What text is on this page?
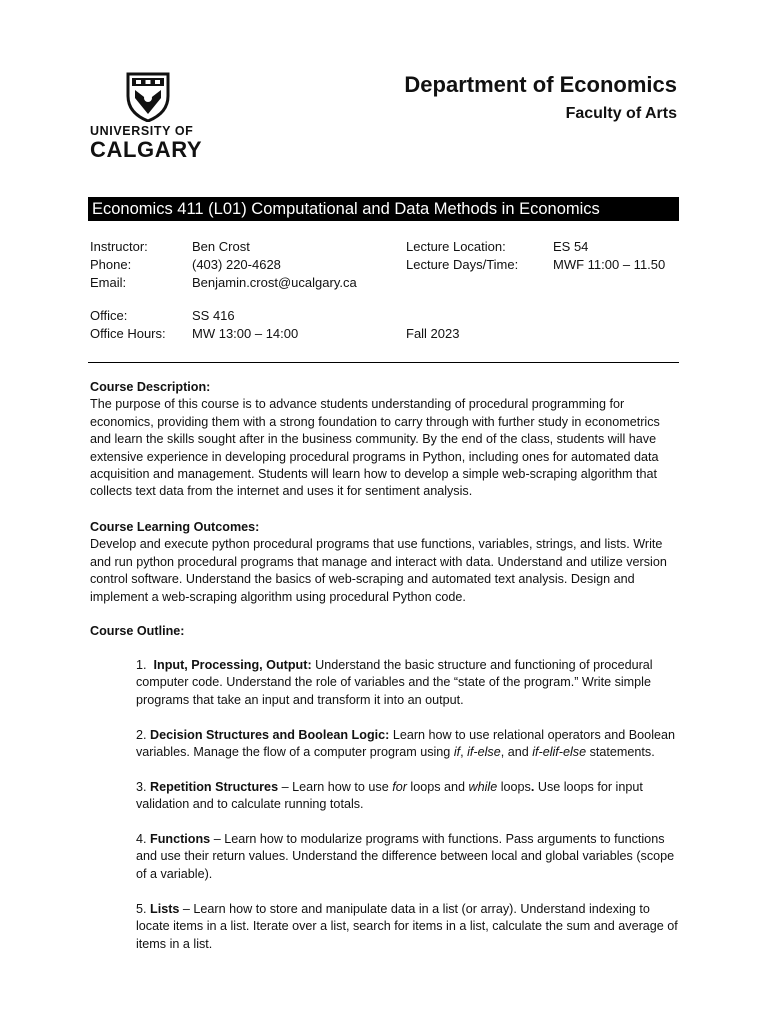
UNIVERSITY OF
CALGARY
Department of Economics
Faculty of Arts
Economics 411 (L01) Computational and Data Methods in Economics
Instructor:	Ben Crost	Lecture Location:	ES 54
Phone:	(403) 220-4628	Lecture Days/Time:	MWF 11:00 – 11.50
Email:	Benjamin.crost@ucalgary.ca
Office:	SS 416
Office Hours: MW 13:00 – 14:00	Fall 2023
Course Description:
The purpose of this course is to advance students understanding of procedural programming for economics, providing them with a strong foundation to carry through with further study in econometrics and learn the skills sought after in the business community. By the end of the class, students will have extensive experience in developing procedural programs in Python, including ones for automated data acquisition and management. Students will learn how to develop a simple web-scraping algorithm that collects text data from the internet and uses it for sentiment analysis.
Course Learning Outcomes:
Develop and execute python procedural programs that use functions, variables, strings, and lists. Write and run python procedural programs that manage and interact with data. Understand and utilize version control software. Understand the basics of web-scraping and automated text analysis. Design and implement a web-scraping algorithm using procedural Python code.
Course Outline:
1. Input, Processing, Output: Understand the basic structure and functioning of procedural computer code. Understand the role of variables and the “state of the program.” Write simple programs that take an input and transform it into an output.
2. Decision Structures and Boolean Logic: Learn how to use relational operators and Boolean variables. Manage the flow of a computer program using if, if-else, and if-elif-else statements.
3. Repetition Structures – Learn how to use for loops and while loops. Use loops for input validation and to calculate running totals.
4. Functions – Learn how to modularize programs with functions. Pass arguments to functions and use their return values. Understand the difference between local and global variables (scope of a variable).
5. Lists – Learn how to store and manipulate data in a list (or array). Understand indexing to locate items in a list. Iterate over a list, search for items in a list, calculate the sum and average of items in a list.
